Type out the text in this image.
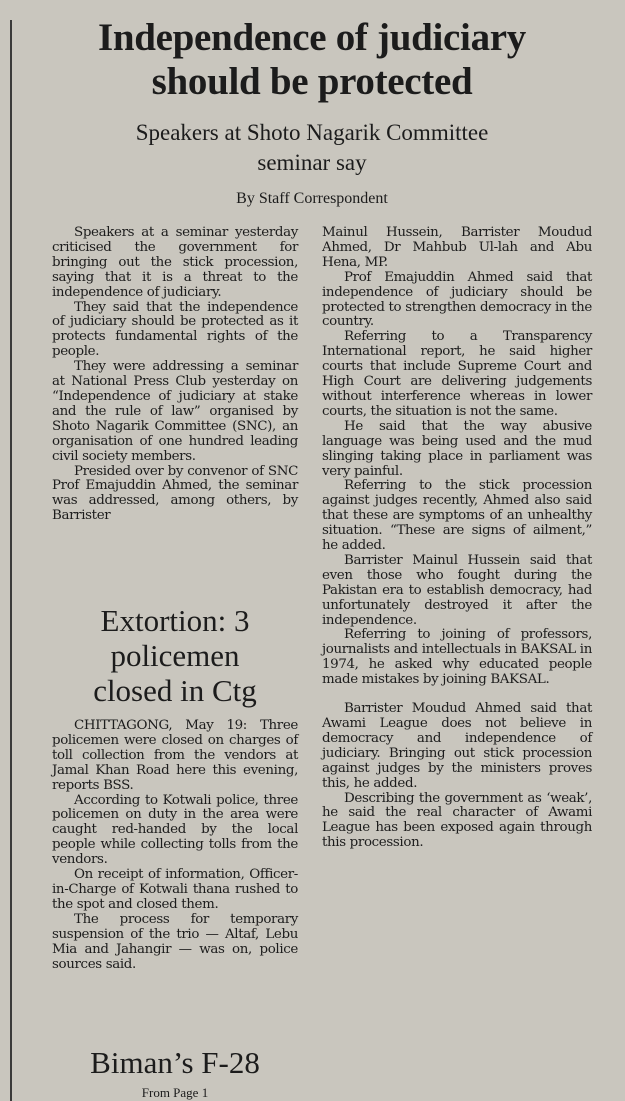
Independence of judiciary
should be protected
Speakers at Shoto Nagarik Committee
seminar say
By Staff Correspondent

Speakers at a seminar yesterday criticised the government for bringing out the stick procession, saying that it is a threat to the independence of judiciary.

They said that the independence of judiciary should be protected as it protects fundamental rights of the people.

They were addressing a seminar at National Press Club yesterday on “Independence of judiciary at stake and the rule of law” organised by Shoto Nagarik Committee (SNC), an organisation of one hundred leading civil society members.

Presided over by convenor of SNC Prof Emajuddin Ahmed, the seminar was addressed, among others, by Barrister

Extortion: 3
policemen
closed in Ctg

CHITTAGONG, May 19: Three policemen were closed on charges of toll collection from the vendors at Jamal Khan Road here this evening, reports BSS.

According to Kotwali police, three policemen on duty in the area were caught red-handed by the local people while collecting tolls from the vendors.

On receipt of information, Officer-in-Charge of Kotwali thana rushed to the spot and closed them.

The process for temporary suspension of the trio — Altaf, Lebu Mia and Jahangir — was on, police sources said.

Biman’s F-28
From Page 1

Mainul Hussein, Barrister Moudud Ahmed, Dr Mahbub Ul-lah and Abu Hena, MP.

Prof Emajuddin Ahmed said that independence of judiciary should be protected to strengthen democracy in the country.

Referring to a Transparency International report, he said higher courts that include Supreme Court and High Court are delivering judgements without interference whereas in lower courts, the situation is not the same.

He said that the way abusive language was being used and the mud slinging taking place in parliament was very painful.

Referring to the stick procession against judges recently, Ahmed also said that these are symptoms of an unhealthy situation. “These are signs of ailment,” he added.

Barrister Mainul Hussein said that even those who fought during the Pakistan era to establish democracy, had unfortunately destroyed it after the independence.

Referring to joining of professors, journalists and intellectuals in BAKSAL in 1974, he asked why educated people made mistakes by joining BAKSAL.

Barrister Moudud Ahmed said that Awami League does not believe in democracy and independence of judiciary. Bringing out stick procession against judges by the ministers proves this, he added.

Describing the government as ‘weak’, he said the real character of Awami League has been exposed again through this procession.
